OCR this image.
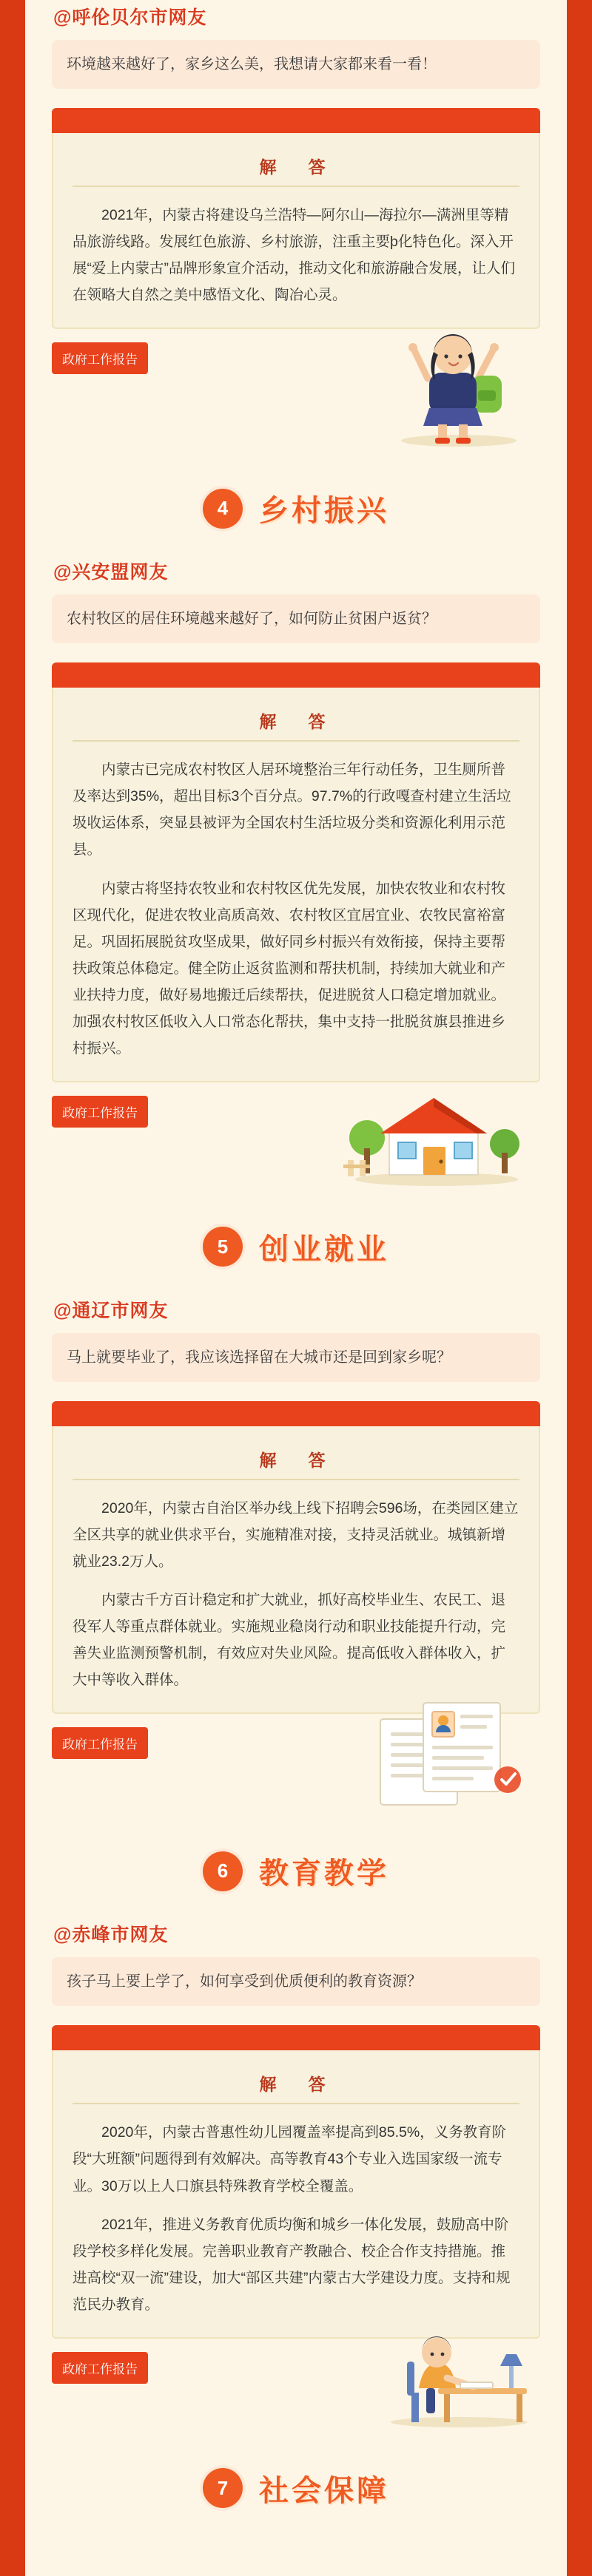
@呼伦贝尔市网友
环境越来越好了，家乡这么美，我想请大家都来看一看！
解　答

2021年，内蒙古将建设乌兰浩特—阿尔山—海拉尔—满洲里等精品旅游线路。发展红色旅游、乡村旅游，注重主要þ化特色化。深入开展“爱上内蒙古”品牌形象宣介活动，推动文化和旅游融合发展，让人们在领略大自然之美中感悟文化、陶冶心灵。

政府工作报告
4	乡村振兴
@兴安盟网友
农村牧区的居住环境越来越好了，如何防止贫困户返贫？
解　答

内蒙古已完成农村牧区人居环境整治三年行动任务，卫生厕所普及率达到35%，超出目标3个百分点。97.7%的行政嘎查村建立生活垃圾收运体系，突显县被评为全国农村生活垃圾分类和资源化利用示范县。

内蒙古将坚持农牧业和农村牧区优先发展，加快农牧业和农村牧区现代化，促进农牧业高质高效、农村牧区宜居宜业、农牧民富裕富足。巩固拓展脱贫攻坚成果，做好同乡村振兴有效衔接，保持主要帮扶政策总体稳定。健全防止返贫监测和帮扶机制，持续加大就业和产业扶持力度，做好易地搬迁后续帮扶，促进脱贫人口稳定增加就业。加强农村牧区低收入人口常态化帮扶，集中支持一批脱贫旗县推进乡村振兴。

政府工作报告
5	创业就业
@通辽市网友
马上就要毕业了，我应该选择留在大城市还是回到家乡呢？
解　答

2020年，内蒙古自治区举办线上线下招聘会596场，在类园区建立全区共享的就业供求平台，实施精准对接，支持灵活就业。城镇新增就业23.2万人。

内蒙古千方百计稳定和扩大就业，抓好高校毕业生、农民工、退役军人等重点群体就业。实施规业稳岗行动和职业技能提升行动，完善失业监测预警机制，有效应对失业风险。提高低收入群体收入，扩大中等收入群体。

政府工作报告
6	教育教学
@赤峰市网友
孩子马上要上学了，如何享受到优质便利的教育资源？
解　答

2020年，内蒙古普惠性幼儿园覆盖率提高到85.5%，义务教育阶段“大班额”问题得到有效解决。高等教育43个专业入选国家级一流专业。30万以上人口旗县特殊教育学校全覆盖。

2021年，推进义务教育优质均衡和城乡一体化发展，鼓励高中阶段学校多样化发展。完善职业教育产教融合、校企合作支持措施。推进高校“双一流”建设，加大“部区共建”内蒙古大学建设力度。支持和规范民办教育。

政府工作报告
7	社会保障
